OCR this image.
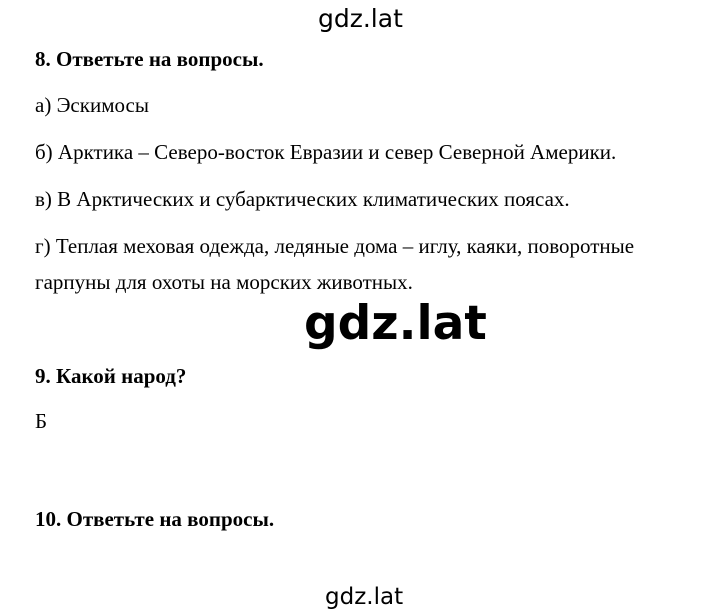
gdz.lat
8. Ответьте на вопросы.
а) Эскимосы
б) Арктика – Северо-восток Евразии и север Северной Америки.
в) В Арктических и субарктических климатических поясах.
г) Теплая меховая одежда, ледяные дома – иглу, каяки, поворотные
гарпуны для охоты на морских животных.
gdz.lat
9. Какой народ?
Б
10. Ответьте на вопросы.
gdz.lat
